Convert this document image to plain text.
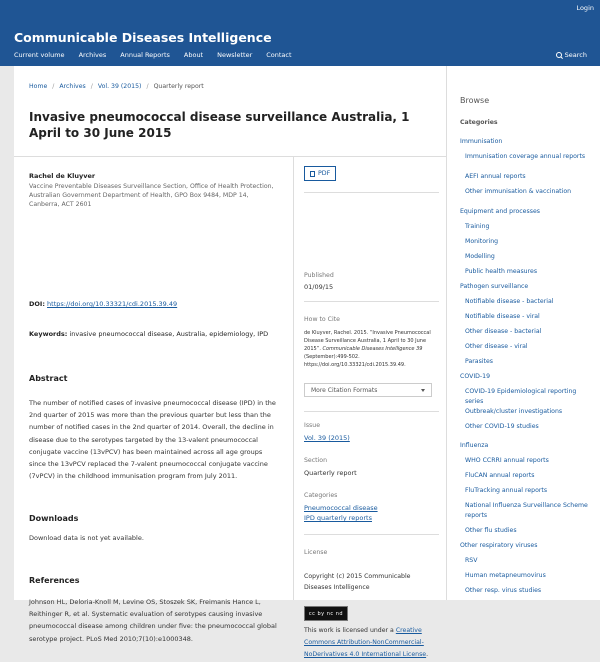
Login
Communicable Diseases Intelligence
Current volume Archives Annual Reports About Newsletter Contact	Search
Home / Archives / Vol. 39 (2015) / Quarterly report
Invasive pneumococcal disease surveillance Australia, 1 April to 30 June 2015
Rachel de Kluyver
Vaccine Preventable Diseases Surveillance Section, Office of Health Protection, Australian Government Department of Health, GPO Box 9484, MDP 14, Canberra, ACT 2601
DOI: https://doi.org/10.33321/cdi.2015.39.49
Keywords: invasive pneumococcal disease, Australia, epidemiology, IPD
Abstract
The number of notified cases of invasive pneumococcal disease (IPD) in the 2nd quarter of 2015 was more than the previous quarter but less than the number of notified cases in the 2nd quarter of 2014. Overall, the decline in disease due to the serotypes targeted by the 13-valent pneumococcal conjugate vaccine (13vPCV) has been maintained across all age groups since the 13vPCV replaced the 7-valent pneumococcal conjugate vaccine (7vPCV) in the childhood immunisation program from July 2011.
Downloads
Download data is not yet available.
References
Johnson HL, Deloria-Knoll M, Levine OS, Stoszek SK, Freimanis Hance L, Reithinger R, et al. Systematic evaluation of serotypes causing invasive pneumococcal disease among children under five: the pneumococcal global serotype project. PLoS Med 2010;7(10):e1000348.
PDF
Published
01/09/15
How to Cite
de Kluyver, Rachel. 2015. “Invasive Pneumococcal Disease Surveillance Australia, 1 April to 30 June 2015”. Communicable Diseases Intelligence 39 (September):499-502. https://doi.org/10.33321/cdi.2015.39.49.
More Citation Formats
Issue
Vol. 39 (2015)
Section
Quarterly report
Categories
Pneumococcal disease
IPD quarterly reports
License
Copyright (c) 2015 Communicable Diseases Intelligence
cc by nc nd
This work is licensed under a Creative Commons Attribution-NonCommercial-NoDerivatives 4.0 International License.
Browse
Categories
Immunisation
Immunisation coverage annual reports
AEFI annual reports
Other immunisation & vaccination
Equipment and processes
Training
Monitoring
Modelling
Public health measures
Pathogen surveillance
Notifiable disease - bacterial
Notifiable disease - viral
Other disease - bacterial
Other disease - viral
Parasites
COVID-19
COVID-19 Epidemiological reporting series
Outbreak/cluster investigations
Other COVID-19 studies
Influenza
WHO CCRRI annual reports
FluCAN annual reports
FluTracking annual reports
National Influenza Surveillance Scheme reports
Other flu studies
Other respiratory viruses
RSV
Human metapneumovirus
Other resp. virus studies
